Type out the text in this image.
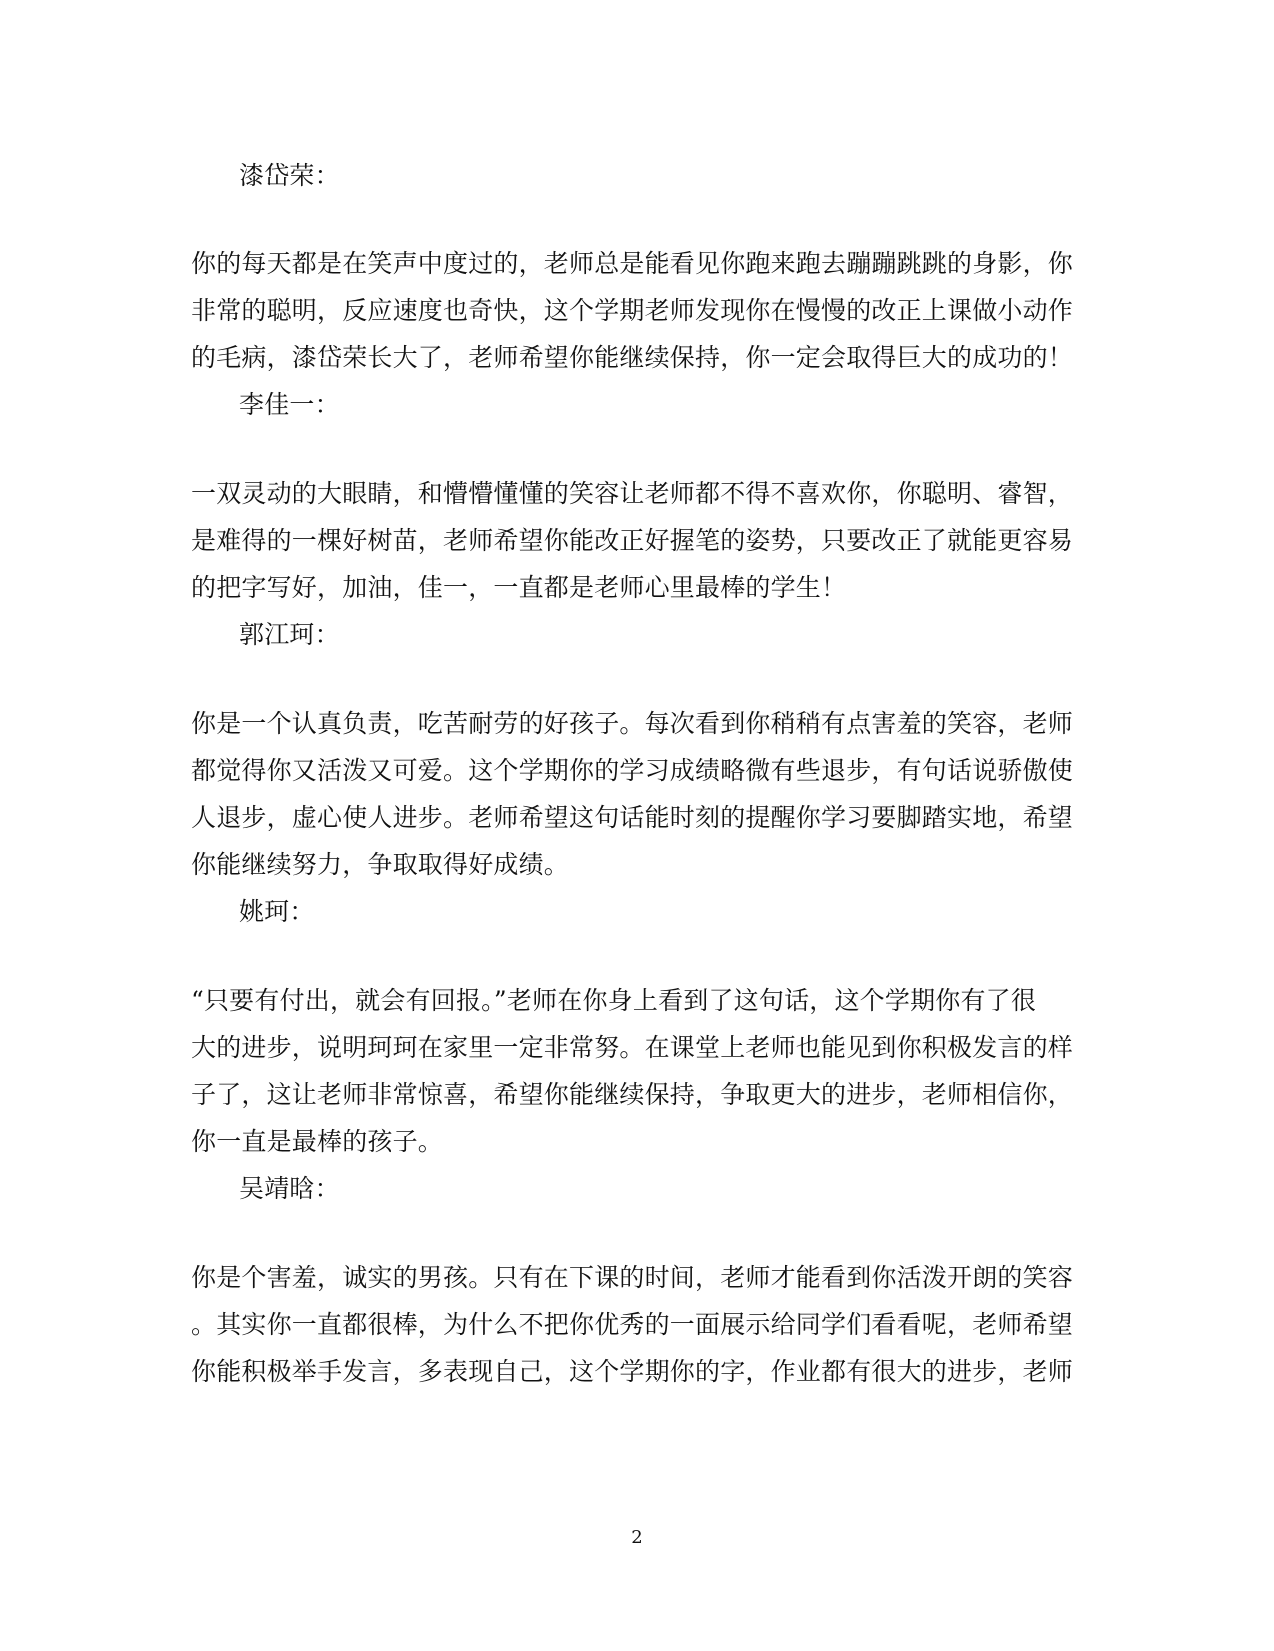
漆岱荣：
你的每天都是在笑声中度过的，老师总是能看见你跑来跑去蹦蹦跳跳的身影，你
非常的聪明，反应速度也奇快，这个学期老师发现你在慢慢的改正上课做小动作
的毛病，漆岱荣长大了，老师希望你能继续保持，你一定会取得巨大的成功的！
李佳一：
一双灵动的大眼睛，和懵懵懂懂的笑容让老师都不得不喜欢你，你聪明、睿智，
是难得的一棵好树苗，老师希望你能改正好握笔的姿势，只要改正了就能更容易
的把字写好，加油，佳一，一直都是老师心里最棒的学生！
郭江珂：
你是一个认真负责，吃苦耐劳的好孩子。每次看到你稍稍有点害羞的笑容，老师
都觉得你又活泼又可爱。这个学期你的学习成绩略微有些退步，有句话说骄傲使
人退步，虚心使人进步。老师希望这句话能时刻的提醒你学习要脚踏实地，希望
你能继续努力，争取取得好成绩。
姚珂：
“只要有付出，就会有回报。”老师在你身上看到了这句话，这个学期你有了很
大的进步，说明珂珂在家里一定非常努。在课堂上老师也能见到你积极发言的样
子了，这让老师非常惊喜，希望你能继续保持，争取更大的进步，老师相信你，
你一直是最棒的孩子。
吴靖晗：
你是个害羞，诚实的男孩。只有在下课的时间，老师才能看到你活泼开朗的笑容
。其实你一直都很棒，为什么不把你优秀的一面展示给同学们看看呢，老师希望
你能积极举手发言，多表现自己，这个学期你的字，作业都有很大的进步，老师
2
